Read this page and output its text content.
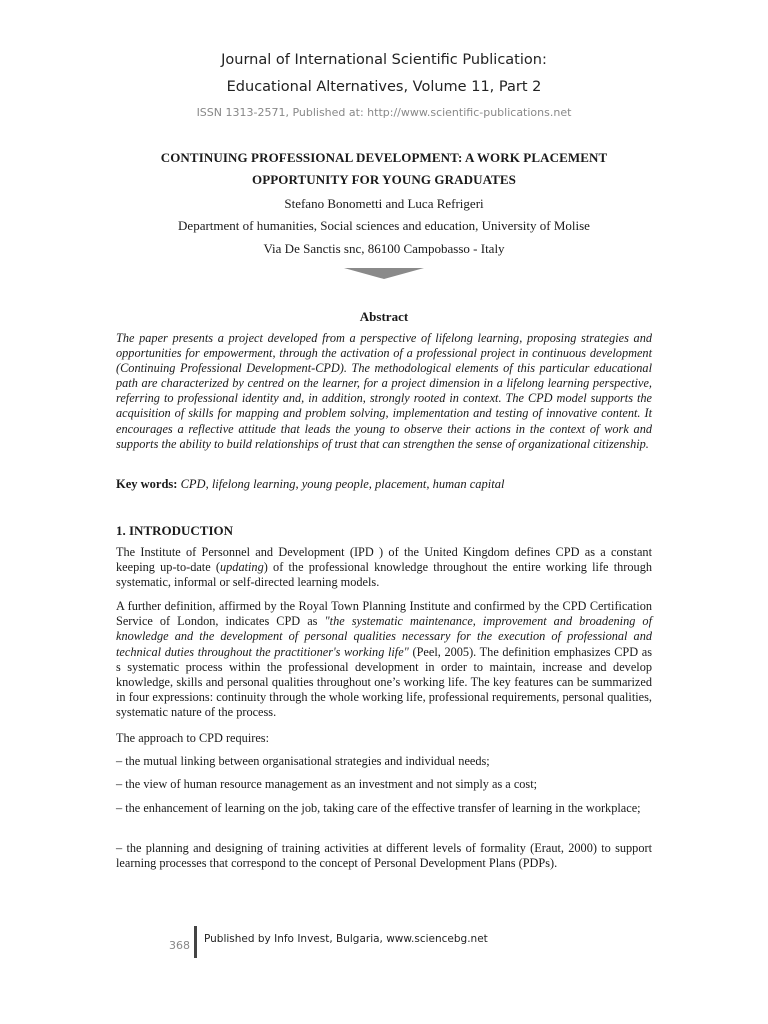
Journal of International Scientific Publication:
Educational Alternatives, Volume 11, Part 2
ISSN 1313-2571, Published at: http://www.scientific-publications.net
CONTINUING PROFESSIONAL DEVELOPMENT: A WORK PLACEMENT
OPPORTUNITY FOR YOUNG GRADUATES
Stefano Bonometti and Luca Refrigeri
Department of humanities, Social sciences and education, University of Molise
Via De Sanctis snc, 86100 Campobasso - Italy
Abstract
The paper presents a project developed from a perspective of lifelong learning, proposing strategies and opportunities for empowerment, through the activation of a professional project in continuous development (Continuing Professional Development-CPD). The methodological elements of this particular educational path are characterized by centred on the learner, for a project dimension in a lifelong learning perspective, referring to professional identity and, in addition, strongly rooted in context. The CPD model supports the acquisition of skills for mapping and problem solving, implementation and testing of innovative content. It encourages a reflective attitude that leads the young to observe their actions in the context of work and supports the ability to build relationships of trust that can strengthen the sense of organizational citizenship.
Key words: CPD, lifelong learning, young people, placement, human capital
1. INTRODUCTION
The Institute of Personnel and Development (IPD ) of the United Kingdom defines CPD as a constant keeping up-to-date (updating) of the professional knowledge throughout the entire working life through systematic, informal or self-directed learning models.
A further definition, affirmed by the Royal Town Planning Institute and confirmed by the CPD Certification Service of London, indicates CPD as "the systematic maintenance, improvement and broadening of knowledge and the development of personal qualities necessary for the execution of professional and technical duties throughout the practitioner's working life" (Peel, 2005). The definition emphasizes CPD as s systematic process within the professional development in order to maintain, increase and develop knowledge, skills and personal qualities throughout one’s working life. The key features can be summarized in four expressions: continuity through the whole working life, professional requirements, personal qualities, systematic nature of the process.
The approach to CPD requires:
– the mutual linking between organisational strategies and individual needs;
– the view of human resource management as an investment and not simply as a cost;
– the enhancement of learning on the job, taking care of the effective transfer of learning in the workplace;
– the planning and designing of training activities at different levels of formality (Eraut, 2000) to support learning processes that correspond to the concept of Personal Development Plans (PDPs).
368 Published by Info Invest, Bulgaria, www.sciencebg.net
